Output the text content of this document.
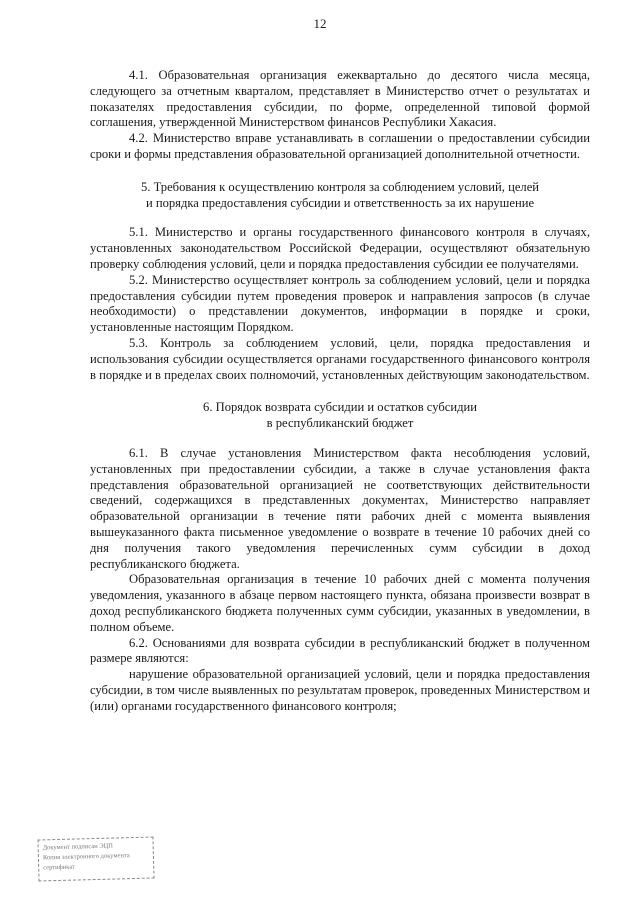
12

4.1. Образовательная организация ежеквартально до десятого числа месяца, следующего за отчетным кварталом, представляет в Министерство отчет о результатах и показателях предоставления субсидии, по форме, определенной типовой формой соглашения, утвержденной Министерством финансов Республики Хакасия.

4.2. Министерство вправе устанавливать в соглашении о предоставлении субсидии сроки и формы представления образовательной организацией дополнительной отчетности.

5. Требования к осуществлению контроля за соблюдением условий, целей

и порядка предоставления субсидии и ответственность за их нарушение

5.1. Министерство и органы государственного финансового контроля в случаях, установленных законодательством Российской Федерации, осуществляют обязательную проверку соблюдения условий, цели и порядка предоставления субсидии ее получателями.

5.2. Министерство осуществляет контроль за соблюдением условий, цели и порядка предоставления субсидии путем проведения проверок и направления запросов (в случае необходимости) о представлении документов, информации в порядке и сроки, установленные настоящим Порядком.

5.3. Контроль за соблюдением условий, цели, порядка предоставления и использования субсидии осуществляется органами государственного финансового контроля в порядке и в пределах своих полномочий, установленных действующим законодательством.

6. Порядок возврата субсидии и остатков субсидии

в республиканский бюджет

6.1. В случае установления Министерством факта несоблюдения условий, установленных при предоставлении субсидии, а также в случае установления факта представления образовательной организацией не соответствующих действительности сведений, содержащихся в представленных документах, Министерство направляет образовательной организации в течение пяти рабочих дней с момента выявления вышеуказанного факта письменное уведомление о возврате в течение 10 рабочих дней со дня получения такого уведомления перечисленных сумм субсидии в доход республиканского бюджета.

Образовательная организация в течение 10 рабочих дней с момента получения уведомления, указанного в абзаце первом настоящего пункта, обязана произвести возврат в доход республиканского бюджета полученных сумм субсидии, указанных в уведомлении, в полном объеме.

6.2. Основаниями для возврата субсидии в республиканский бюджет в полученном размере являются:

нарушение образовательной организацией условий, цели и порядка предоставления субсидии, в том числе выявленных по результатам проверок, проведенных Министерством и (или) органами государственного финансового контроля;

Документ подписан ЭЦП
Копия электронного документа
сертификат
